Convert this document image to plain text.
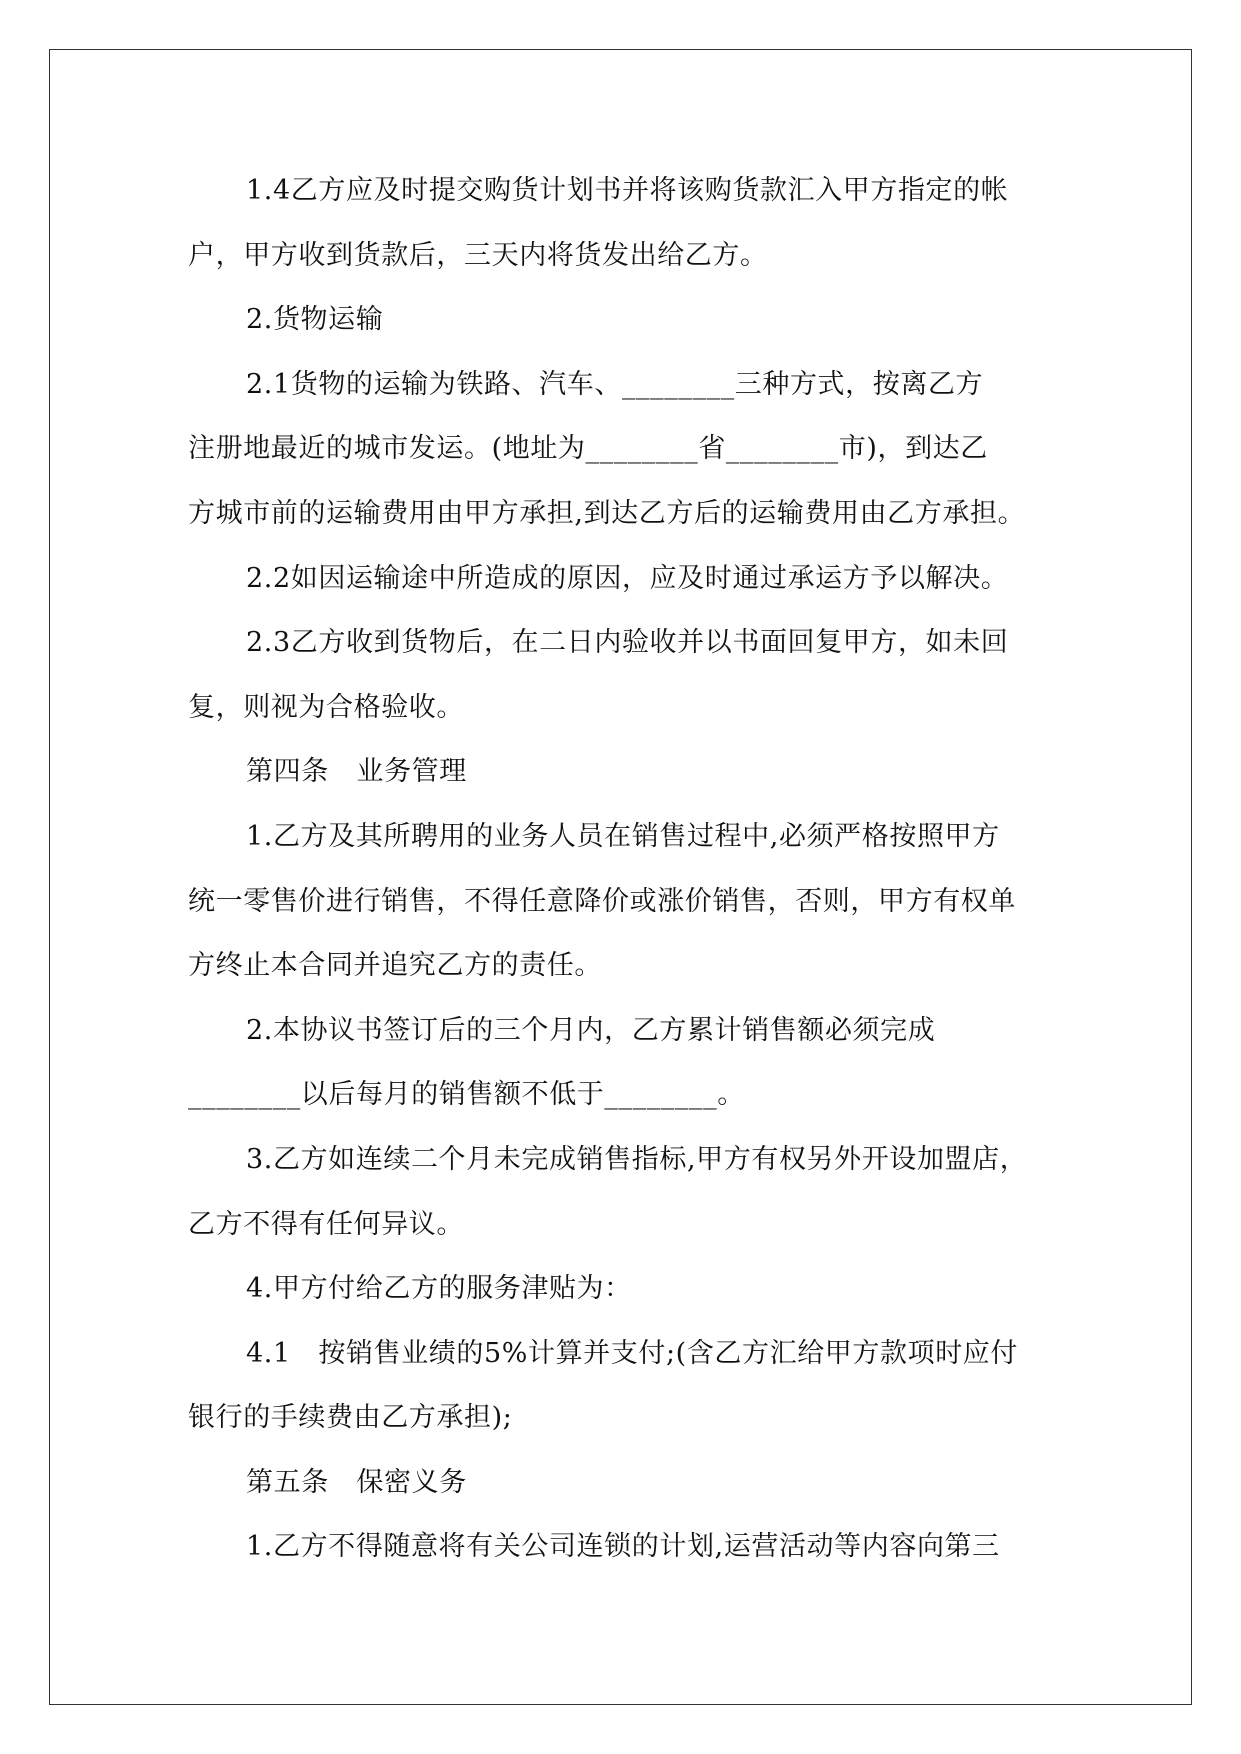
1.4乙方应及时提交购货计划书并将该购货款汇入甲方指定的帐
户，甲方收到货款后，三天内将货发出给乙方。
2.货物运输
2.1货物的运输为铁路、汽车、________三种方式，按离乙方
注册地最近的城市发运。(地址为________省________市)，到达乙
方城市前的运输费用由甲方承担,到达乙方后的运输费用由乙方承担。
2.2如因运输途中所造成的原因，应及时通过承运方予以解决。
2.3乙方收到货物后，在二日内验收并以书面回复甲方，如未回
复，则视为合格验收。
第四条　业务管理
1.乙方及其所聘用的业务人员在销售过程中,必须严格按照甲方
统一零售价进行销售，不得任意降价或涨价销售，否则，甲方有权单
方终止本合同并追究乙方的责任。
2.本协议书签订后的三个月内，乙方累计销售额必须完成
________以后每月的销售额不低于________。
3.乙方如连续二个月未完成销售指标,甲方有权另外开设加盟店，
乙方不得有任何异议。
4.甲方付给乙方的服务津贴为：
4.1　按销售业绩的5%计算并支付;(含乙方汇给甲方款项时应付
银行的手续费由乙方承担);
第五条　保密义务
1.乙方不得随意将有关公司连锁的计划,运营活动等内容向第三
